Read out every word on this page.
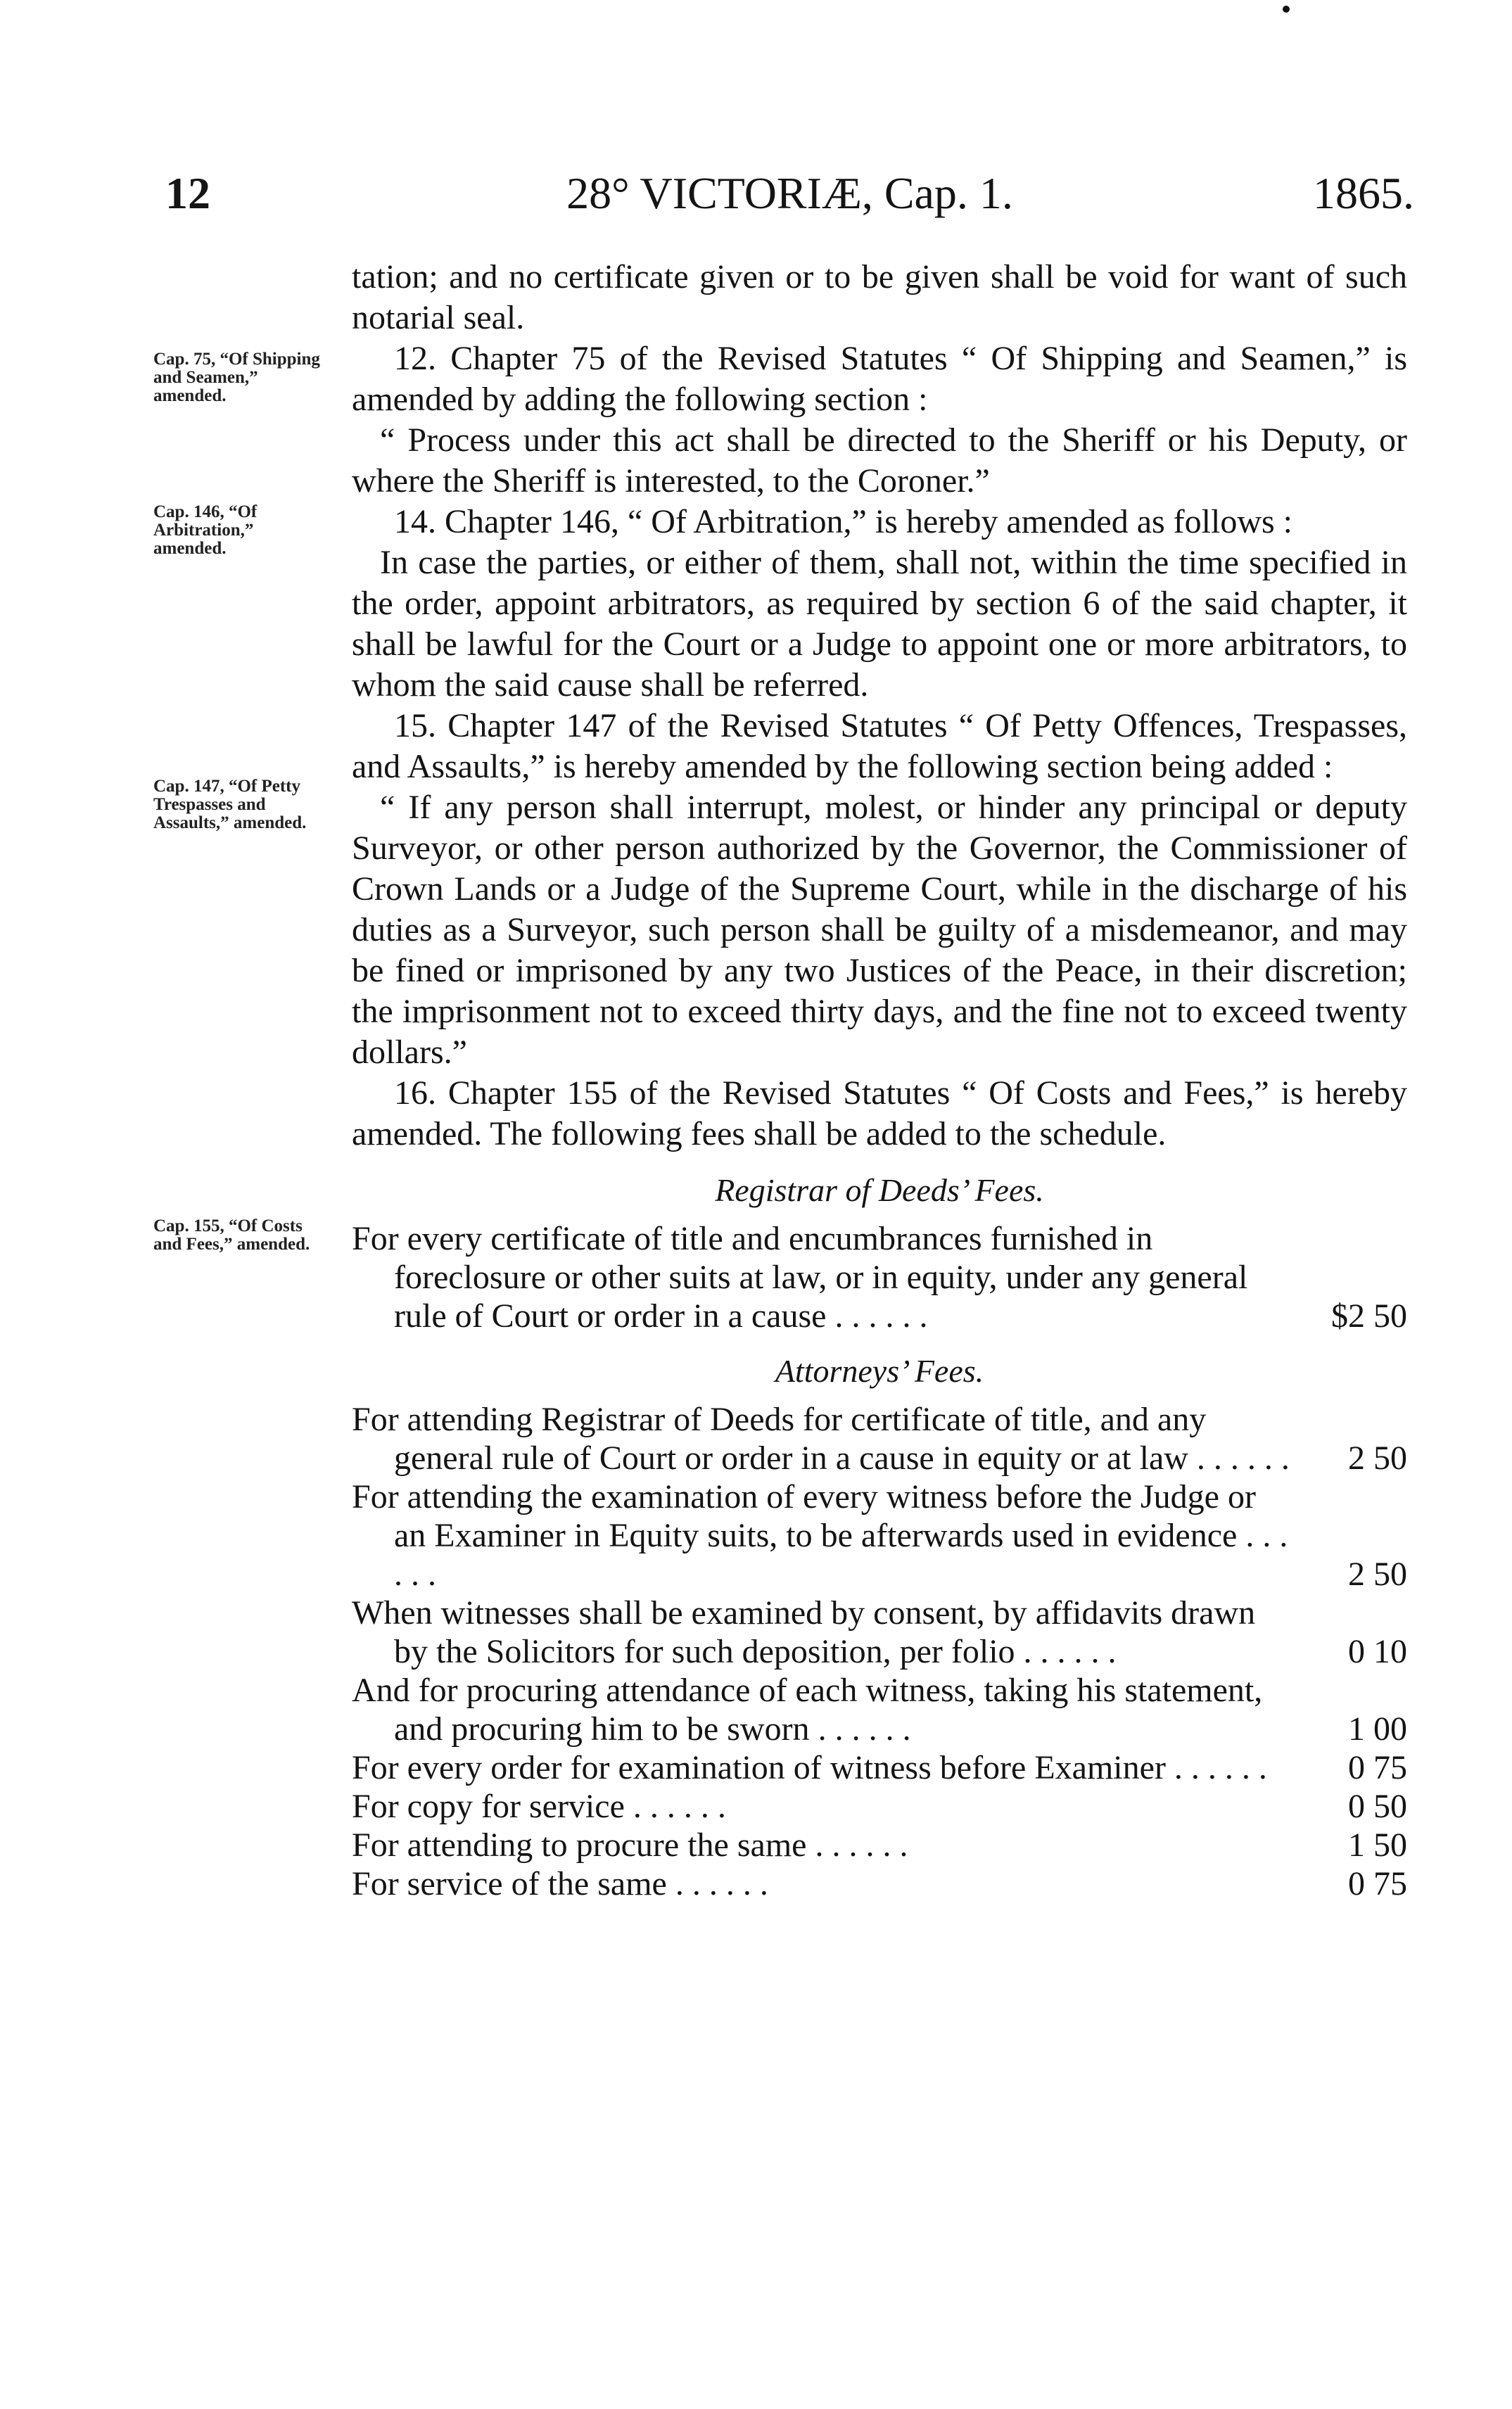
12	28° VICTORIÆ, Cap. 1.	1865.
Cap. 75, “Of Shipping and Seamen,” amended.
Cap. 146, “Of Arbitration,” amended.
Cap. 147, “Of Petty Trespasses and Assaults,” amended.
Cap. 155, “Of Costs and Fees,” amended.

tation; and no certificate given or to be given shall be void for want of such notarial seal.

12. Chapter 75 of the Revised Statutes “ Of Shipping and Seamen,” is amended by adding the following section :

“ Process under this act shall be directed to the Sheriff or his Deputy, or where the Sheriff is interested, to the Coroner.”

14. Chapter 146, “ Of Arbitration,” is hereby amended as follows :

In case the parties, or either of them, shall not, within the time specified in the order, appoint arbitrators, as required by section 6 of the said chapter, it shall be lawful for the Court or a Judge to appoint one or more arbitrators, to whom the said cause shall be referred.

15. Chapter 147 of the Revised Statutes “ Of Petty Offences, Trespasses, and Assaults,” is hereby amended by the following section being added :

“ If any person shall interrupt, molest, or hinder any principal or deputy Surveyor, or other person authorized by the Governor, the Commissioner of Crown Lands or a Judge of the Supreme Court, while in the discharge of his duties as a Surveyor, such person shall be guilty of a misdemeanor, and may be fined or imprisoned by any two Justices of the Peace, in their discretion; the imprisonment not to exceed thirty days, and the fine not to exceed twenty dollars.”

16. Chapter 155 of the Revised Statutes “ Of Costs and Fees,” is hereby amended. The following fees shall be added to the schedule.

Registrar of Deeds’ Fees.
For every certificate of title and encumbrances furnished in foreclosure or other suits at law, or in equity, under any general rule of Court or order in a cause . . . . . .	$2 50
Attorneys’ Fees.
For attending Registrar of Deeds for certificate of title, and any general rule of Court or order in a cause in equity or at law . . . . . .	2 50
For attending the examination of every witness before the Judge or an Examiner in Equity suits, to be afterwards used in evidence . . . . . .	2 50
When witnesses shall be examined by consent, by affidavits drawn by the Solicitors for such deposition, per folio . . . . . .	0 10
And for procuring attendance of each witness, taking his statement, and procuring him to be sworn . . . . . .	1 00
For every order for examination of witness before Examiner . . . . . .	0 75
For copy for service . . . . . .	0 50
For attending to procure the same . . . . . .	1 50
For service of the same . . . . . .	0 75
